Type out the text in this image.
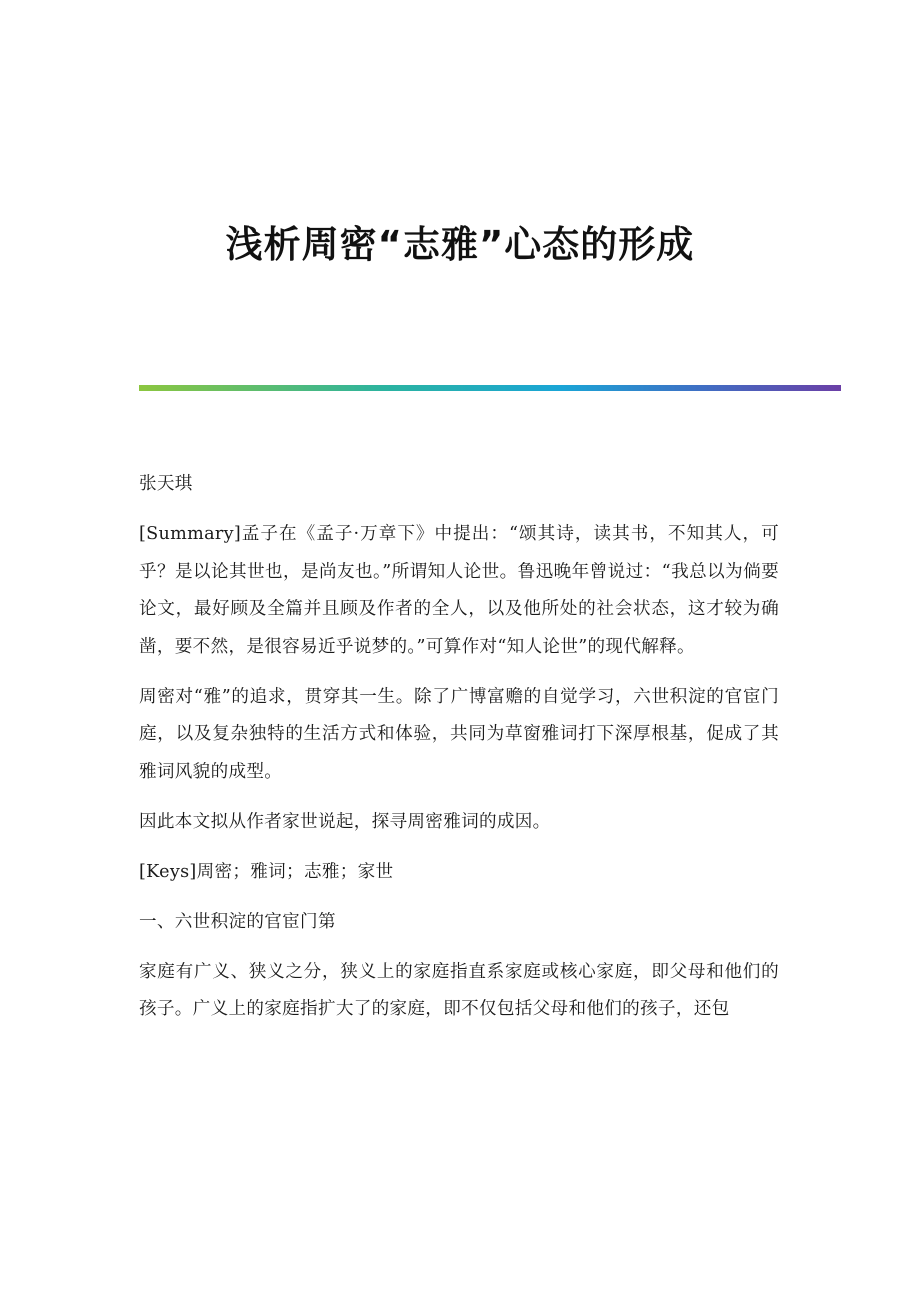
浅析周密“志雅”心态的形成

张天琪

[Summary]孟子在《孟子·万章下》中提出：“颂其诗，读其书，不知其人，可乎？是以论其世也，是尚友也。”所谓知人论世。鲁迅晚年曾说过：“我总以为倘要论文，最好顾及全篇并且顾及作者的全人，以及他所处的社会状态，这才较为确凿，要不然，是很容易近乎说梦的。”可算作对“知人论世”的现代解释。

周密对“雅”的追求，贯穿其一生。除了广博富赡的自觉学习，六世积淀的官宦门庭，以及复杂独特的生活方式和体验，共同为草窗雅词打下深厚根基，促成了其雅词风貌的成型。

因此本文拟从作者家世说起，探寻周密雅词的成因。

[Keys]周密；雅词；志雅；家世

一、六世积淀的官宦门第

家庭有广义、狭义之分，狭义上的家庭指直系家庭或核心家庭，即父母和他们的孩子。广义上的家庭指扩大了的家庭，即不仅包括父母和他们的孩子，还包
